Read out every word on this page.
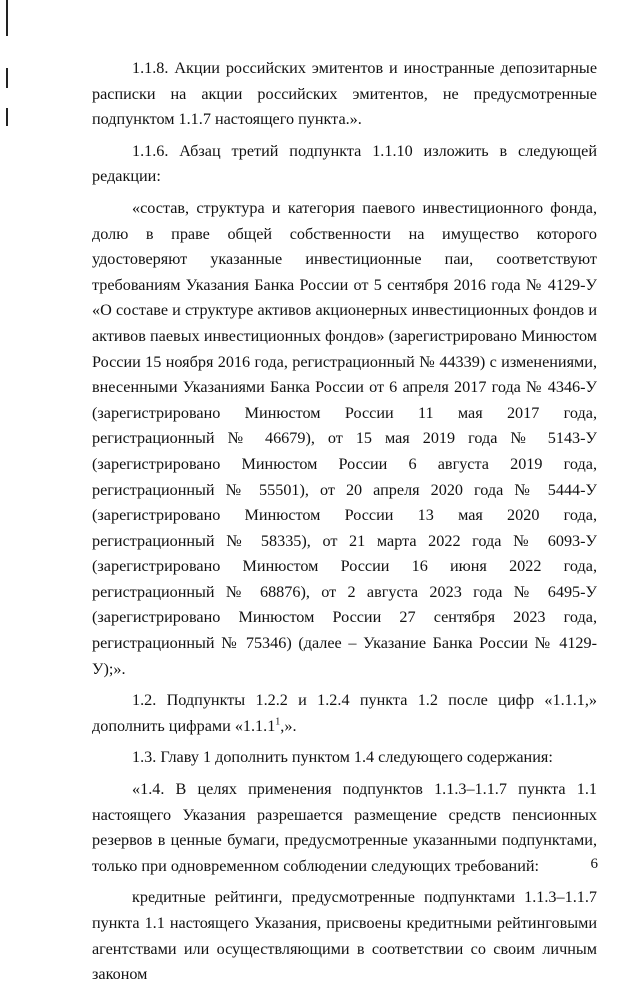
1.1.8. Акции российских эмитентов и иностранные депозитарные расписки на акции российских эмитентов, не предусмотренные подпунктом 1.1.7 настоящего пункта.».

1.1.6. Абзац третий подпункта 1.1.10 изложить в следующей редакции:

«состав, структура и категория паевого инвестиционного фонда, долю в праве общей собственности на имущество которого удостоверяют указанные инвестиционные паи, соответствуют требованиям Указания Банка России от 5 сентября 2016 года № 4129-У «О составе и структуре активов акционерных инвестиционных фондов и активов паевых инвестиционных фондов» (зарегистрировано Минюстом России 15 ноября 2016 года, регистрационный № 44339) с изменениями, внесенными Указаниями Банка России от 6 апреля 2017 года № 4346-У (зарегистрировано Минюстом России 11 мая 2017 года, регистрационный № 46679), от 15 мая 2019 года № 5143-У (зарегистрировано Минюстом России 6 августа 2019 года, регистрационный № 55501), от 20 апреля 2020 года № 5444-У (зарегистрировано Минюстом России 13 мая 2020 года, регистрационный № 58335), от 21 марта 2022 года № 6093-У (зарегистрировано Минюстом России 16 июня 2022 года, регистрационный № 68876), от 2 августа 2023 года № 6495-У (зарегистрировано Минюстом России 27 сентября 2023 года, регистрационный № 75346) (далее – Указание Банка России № 4129-У);».

1.2. Подпункты 1.2.2 и 1.2.4 пункта 1.2 после цифр «1.1.1,» дополнить цифрами «1.1.1$^1$,».

1.3. Главу 1 дополнить пунктом 1.4 следующего содержания:

«1.4. В целях применения подпунктов 1.1.3–1.1.7 пункта 1.1 настоящего Указания разрешается размещение средств пенсионных резервов в ценные бумаги, предусмотренные указанными подпунктами, только при одновременном соблюдении следующих требований:

кредитные рейтинги, предусмотренные подпунктами 1.1.3–1.1.7 пункта 1.1 настоящего Указания, присвоены кредитными рейтинговыми агентствами или осуществляющими в соответствии со своим личным законом

6
